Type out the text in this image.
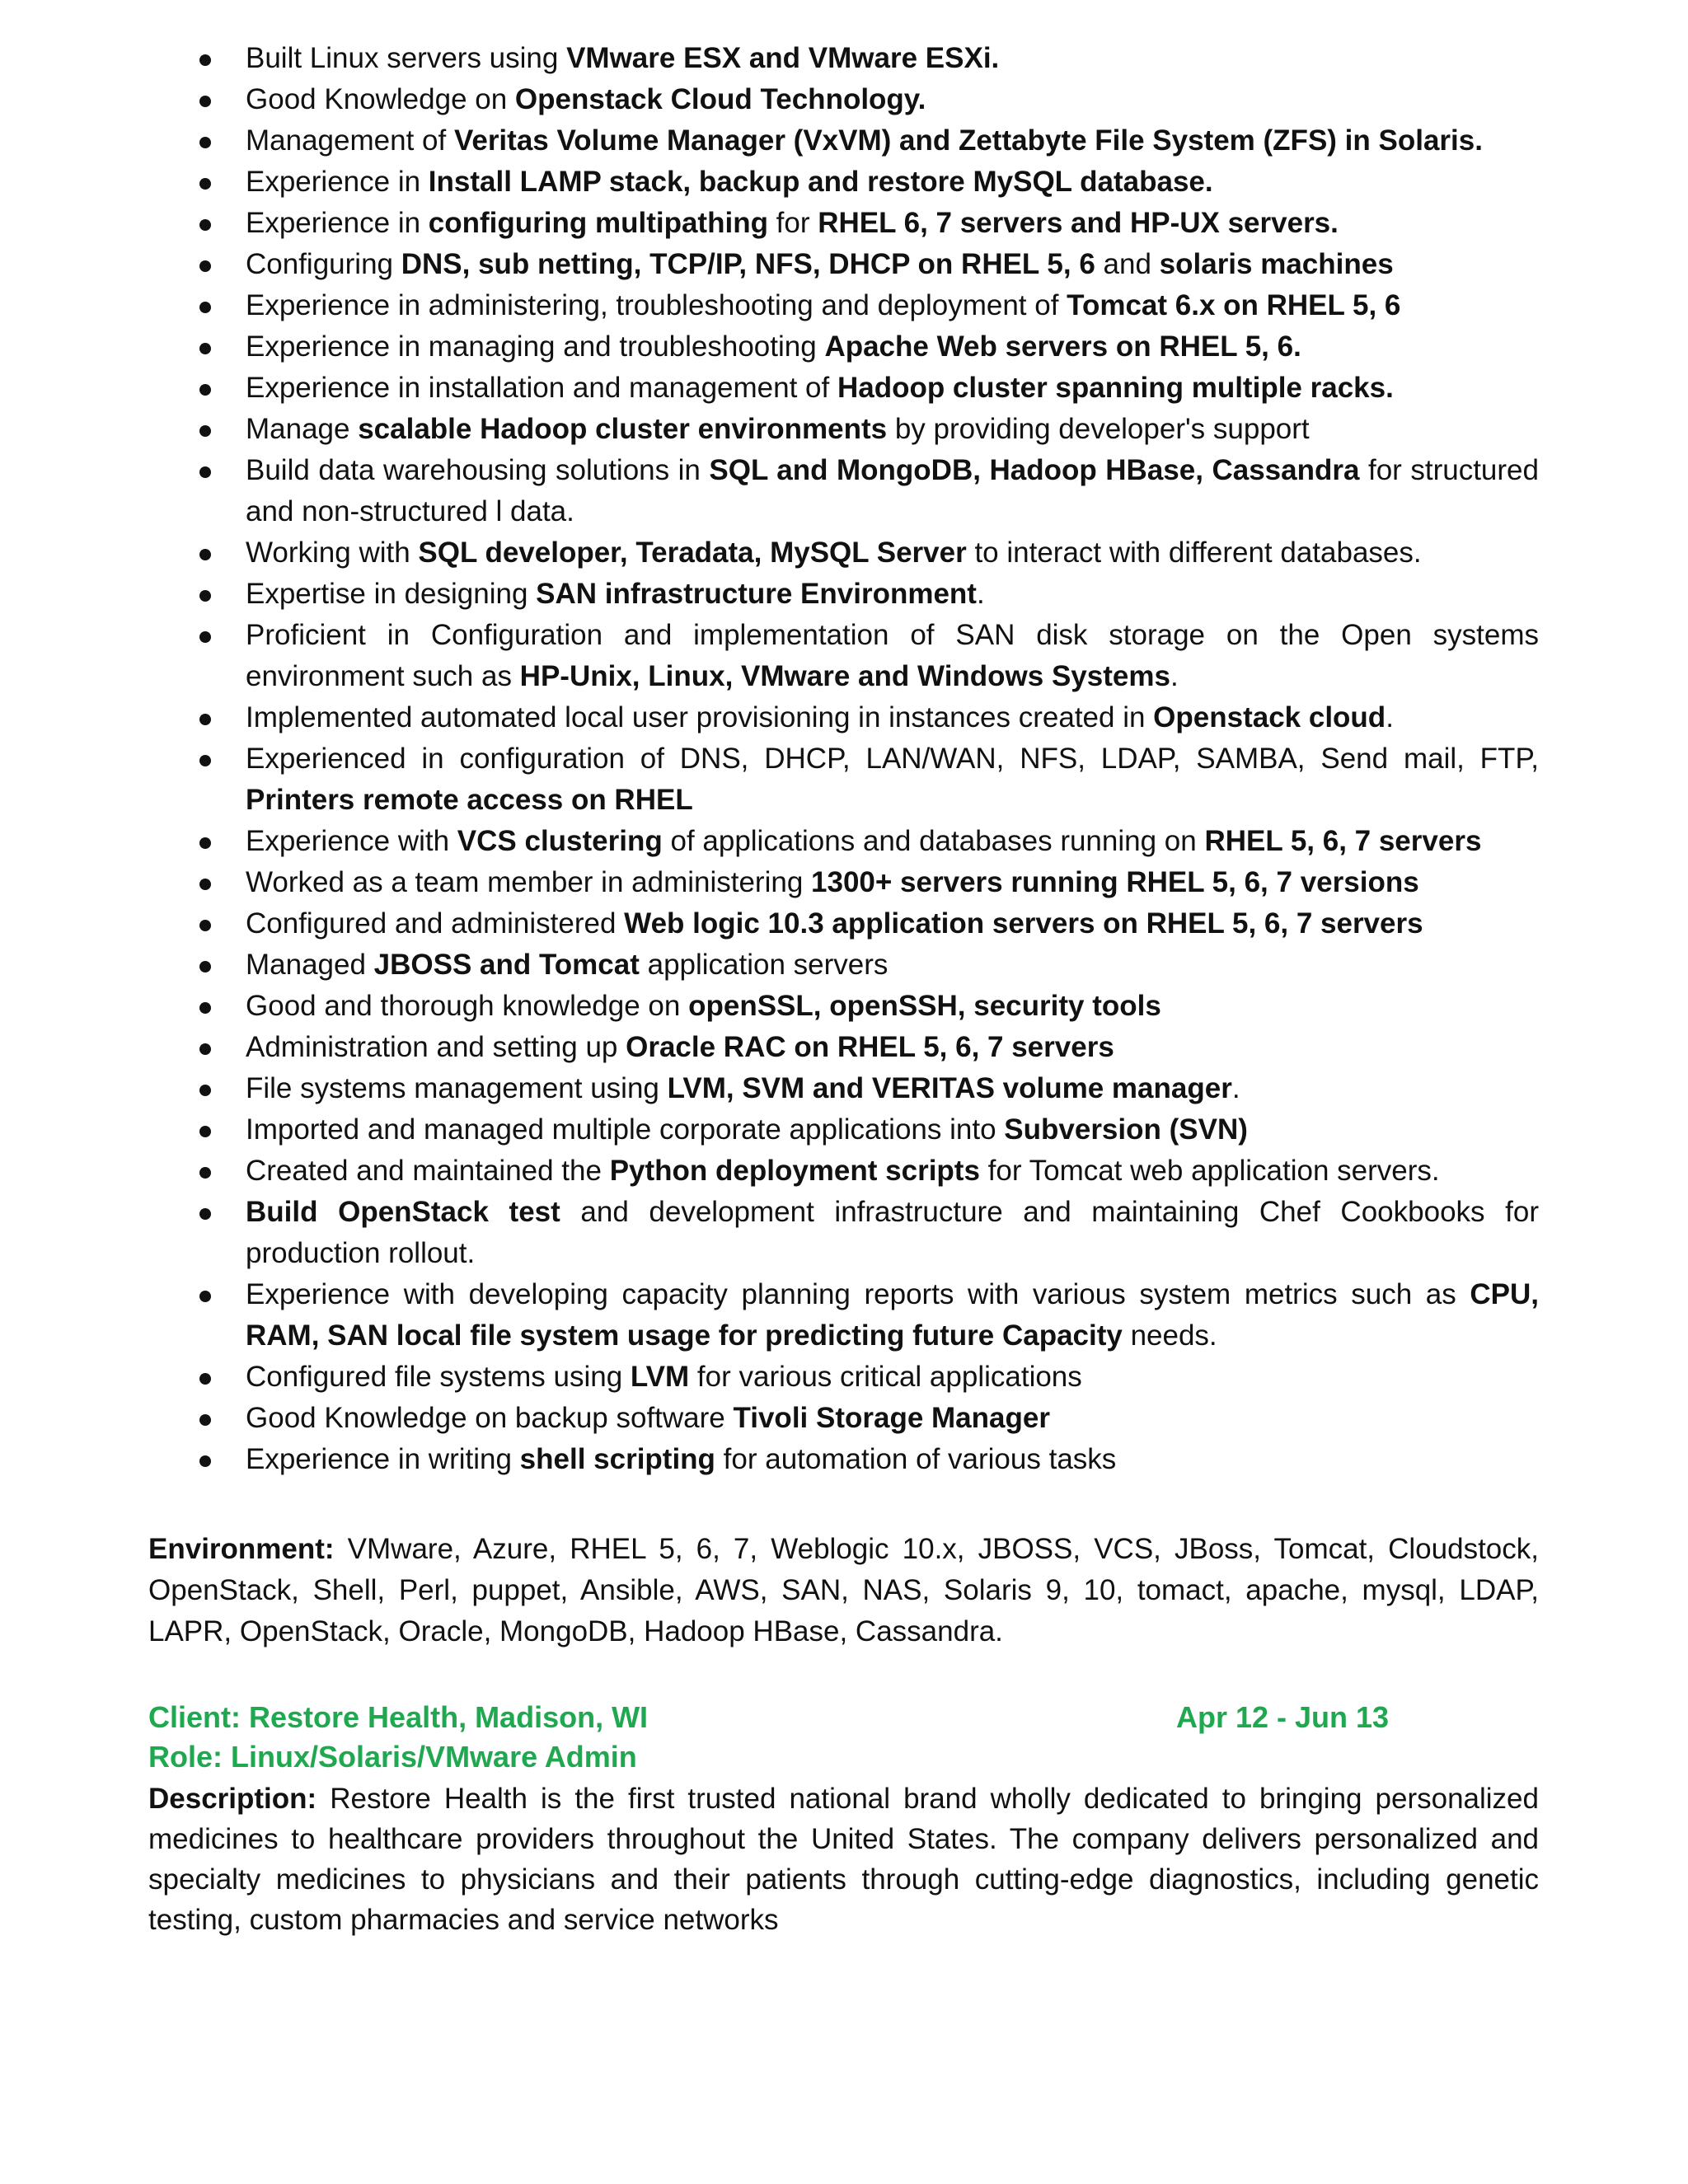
Built Linux servers using VMware ESX and VMware ESXi.
Good Knowledge on Openstack Cloud Technology.
Management of Veritas Volume Manager (VxVM) and Zettabyte File System (ZFS) in Solaris.
Experience in Install LAMP stack, backup and restore MySQL database.
Experience in configuring multipathing for RHEL 6, 7 servers and HP-UX servers.
Configuring DNS, sub netting, TCP/IP, NFS, DHCP on RHEL 5, 6 and solaris machines
Experience in administering, troubleshooting and deployment of Tomcat 6.x on RHEL 5, 6
Experience in managing and troubleshooting Apache Web servers on RHEL 5, 6.
Experience in installation and management of Hadoop cluster spanning multiple racks.
Manage scalable Hadoop cluster environments by providing developer's support
Build data warehousing solutions in SQL and MongoDB, Hadoop HBase, Cassandra for structured and non-structured l data.
Working with SQL developer, Teradata, MySQL Server to interact with different databases.
Expertise in designing SAN infrastructure Environment.
Proficient in Configuration and implementation of SAN disk storage on the Open systems environment such as HP-Unix, Linux, VMware and Windows Systems.
Implemented automated local user provisioning in instances created in Openstack cloud.
Experienced in configuration of DNS, DHCP, LAN/WAN, NFS, LDAP, SAMBA, Send mail, FTP, Printers remote access on RHEL
Experience with VCS clustering of applications and databases running on RHEL 5, 6, 7 servers
Worked as a team member in administering 1300+ servers running RHEL 5, 6, 7 versions
Configured and administered Web logic 10.3 application servers on RHEL 5, 6, 7 servers
Managed JBOSS and Tomcat application servers
Good and thorough knowledge on openSSL, openSSH, security tools
Administration and setting up Oracle RAC on RHEL 5, 6, 7 servers
File systems management using LVM, SVM and VERITAS volume manager.
Imported and managed multiple corporate applications into Subversion (SVN)
Created and maintained the Python deployment scripts for Tomcat web application servers.
Build OpenStack test and development infrastructure and maintaining Chef Cookbooks for production rollout.
Experience with developing capacity planning reports with various system metrics such as CPU, RAM, SAN local file system usage for predicting future Capacity needs.
Configured file systems using LVM for various critical applications
Good Knowledge on backup software Tivoli Storage Manager
Experience in writing shell scripting for automation of various tasks
Environment: VMware, Azure, RHEL 5, 6, 7, Weblogic 10.x, JBOSS, VCS, JBoss, Tomcat, Cloudstock, OpenStack, Shell, Perl, puppet, Ansible, AWS, SAN, NAS, Solaris 9, 10, tomact, apache, mysql, LDAP, LAPR, OpenStack, Oracle, MongoDB, Hadoop HBase, Cassandra.
Client: Restore Health, Madison, WI	Apr 12 - Jun 13
Role: Linux/Solaris/VMware Admin
Description: Restore Health is the first trusted national brand wholly dedicated to bringing personalized medicines to healthcare providers throughout the United States. The company delivers personalized and specialty medicines to physicians and their patients through cutting-edge diagnostics, including genetic testing, custom pharmacies and service networks
